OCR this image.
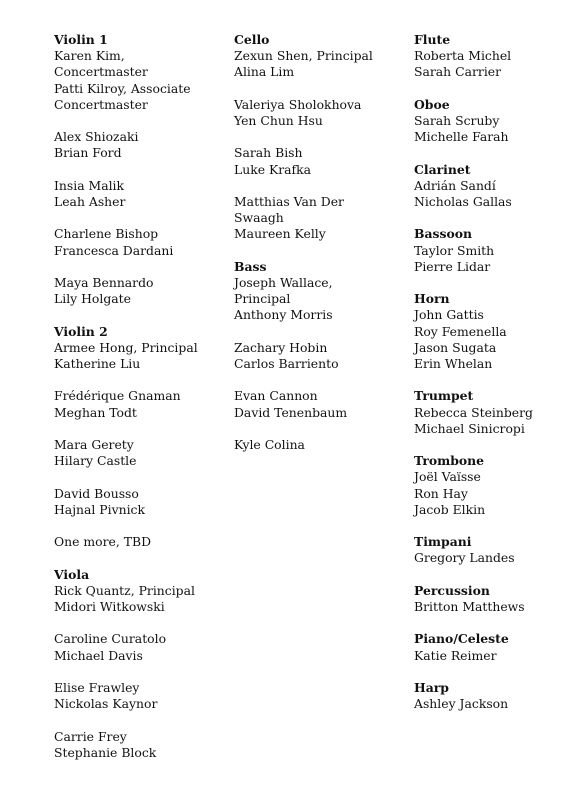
Violin 1
Karen Kim,
Concertmaster
Patti Kilroy, Associate
Concertmaster
Alex Shiozaki
Brian Ford
Insia Malik
Leah Asher
Charlene Bishop
Francesca Dardani
Maya Bennardo
Lily Holgate
Violin 2
Armee Hong, Principal
Katherine Liu
Frédérique Gnaman
Meghan Todt
Mara Gerety
Hilary Castle
David Bousso
Hajnal Pivnick
One more, TBD
Viola
Rick Quantz, Principal
Midori Witkowski
Caroline Curatolo
Michael Davis
Elise Frawley
Nickolas Kaynor
Carrie Frey
Stephanie Block
Cello
Zexun Shen, Principal
Alina Lim
Valeriya Sholokhova
Yen Chun Hsu
Sarah Bish
Luke Krafka
Matthias Van Der
Swaagh
Maureen Kelly
Bass
Joseph Wallace,
Principal
Anthony Morris
Zachary Hobin
Carlos Barriento
Evan Cannon
David Tenenbaum
Kyle Colina
Flute
Roberta Michel
Sarah Carrier
Oboe
Sarah Scruby
Michelle Farah
Clarinet
Adrián Sandí
Nicholas Gallas
Bassoon
Taylor Smith
Pierre Lidar
Horn
John Gattis
Roy Femenella
Jason Sugata
Erin Whelan
Trumpet
Rebecca Steinberg
Michael Sinicropi
Trombone
Joël Vaïsse
Ron Hay
Jacob Elkin
Timpani
Gregory Landes
Percussion
Britton Matthews
Piano/Celeste
Katie Reimer
Harp
Ashley Jackson
